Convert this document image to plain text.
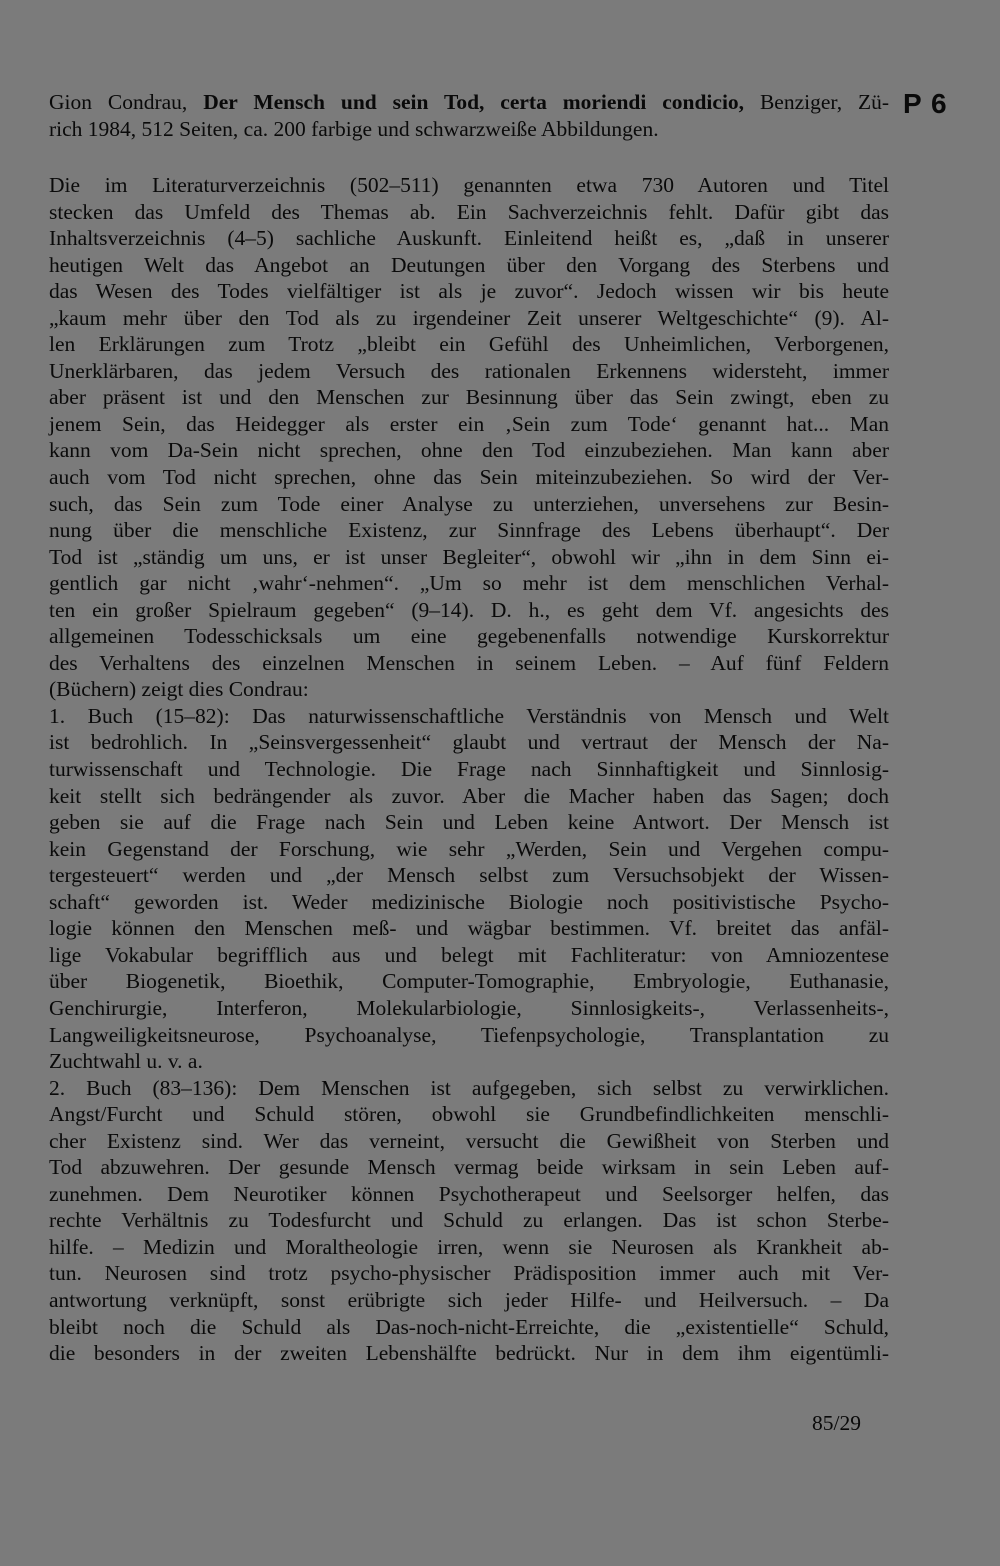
P 6
Gion Condrau, Der Mensch und sein Tod, certa moriendi condicio, Benziger, Zü-
rich 1984, 512 Seiten, ca. 200 farbige und schwarzweiße Abbildungen.
Die im Literaturverzeichnis (502–511) genannten etwa 730 Autoren und Titel
stecken das Umfeld des Themas ab. Ein Sachverzeichnis fehlt. Dafür gibt das
Inhaltsverzeichnis (4–5) sachliche Auskunft. Einleitend heißt es, „daß in unserer
heutigen Welt das Angebot an Deutungen über den Vorgang des Sterbens und
das Wesen des Todes vielfältiger ist als je zuvor“. Jedoch wissen wir bis heute
„kaum mehr über den Tod als zu irgendeiner Zeit unserer Weltgeschichte“ (9). Al-
len Erklärungen zum Trotz „bleibt ein Gefühl des Unheimlichen, Verborgenen,
Unerklärbaren, das jedem Versuch des rationalen Erkennens widersteht, immer
aber präsent ist und den Menschen zur Besinnung über das Sein zwingt, eben zu
jenem Sein, das Heidegger als erster ein ‚Sein zum Tode‘ genannt hat... Man
kann vom Da-Sein nicht sprechen, ohne den Tod einzubeziehen. Man kann aber
auch vom Tod nicht sprechen, ohne das Sein miteinzubeziehen. So wird der Ver-
such, das Sein zum Tode einer Analyse zu unterziehen, unversehens zur Besin-
nung über die menschliche Existenz, zur Sinnfrage des Lebens überhaupt“. Der
Tod ist „ständig um uns, er ist unser Begleiter“, obwohl wir „ihn in dem Sinn ei-
gentlich gar nicht ‚wahr‘-nehmen“. „Um so mehr ist dem menschlichen Verhal-
ten ein großer Spielraum gegeben“ (9–14). D. h., es geht dem Vf. angesichts des
allgemeinen Todesschicksals um eine gegebenenfalls notwendige Kurskorrektur
des Verhaltens des einzelnen Menschen in seinem Leben. – Auf fünf Feldern
(Büchern) zeigt dies Condrau:
1. Buch (15–82): Das naturwissenschaftliche Verständnis von Mensch und Welt
ist bedrohlich. In „Seinsvergessenheit“ glaubt und vertraut der Mensch der Na-
turwissenschaft und Technologie. Die Frage nach Sinnhaftigkeit und Sinnlosig-
keit stellt sich bedrängender als zuvor. Aber die Macher haben das Sagen; doch
geben sie auf die Frage nach Sein und Leben keine Antwort. Der Mensch ist
kein Gegenstand der Forschung, wie sehr „Werden, Sein und Vergehen compu-
tergesteuert“ werden und „der Mensch selbst zum Versuchsobjekt der Wissen-
schaft“ geworden ist. Weder medizinische Biologie noch positivistische Psycho-
logie können den Menschen meß- und wägbar bestimmen. Vf. breitet das anfäl-
lige Vokabular begrifflich aus und belegt mit Fachliteratur: von Amniozentese
über Biogenetik, Bioethik, Computer-Tomographie, Embryologie, Euthanasie,
Genchirurgie, Interferon, Molekularbiologie, Sinnlosigkeits-, Verlassenheits-,
Langweiligkeitsneurose, Psychoanalyse, Tiefenpsychologie, Transplantation zu
Zuchtwahl u. v. a.
2. Buch (83–136): Dem Menschen ist aufgegeben, sich selbst zu verwirklichen.
Angst/Furcht und Schuld stören, obwohl sie Grundbefindlichkeiten menschli-
cher Existenz sind. Wer das verneint, versucht die Gewißheit von Sterben und
Tod abzuwehren. Der gesunde Mensch vermag beide wirksam in sein Leben auf-
zunehmen. Dem Neurotiker können Psychotherapeut und Seelsorger helfen, das
rechte Verhältnis zu Todesfurcht und Schuld zu erlangen. Das ist schon Sterbe-
hilfe. – Medizin und Moraltheologie irren, wenn sie Neurosen als Krankheit ab-
tun. Neurosen sind trotz psycho-physischer Prädisposition immer auch mit Ver-
antwortung verknüpft, sonst erübrigte sich jeder Hilfe- und Heilversuch. – Da
bleibt noch die Schuld als Das-noch-nicht-Erreichte, die „existentielle“ Schuld,
die besonders in der zweiten Lebenshälfte bedrückt. Nur in dem ihm eigentümli-
85/29
